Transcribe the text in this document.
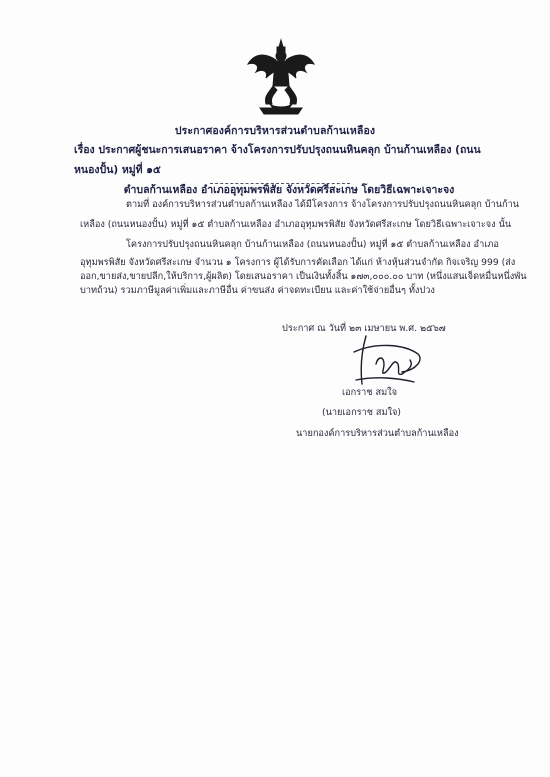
ประกาศองค์การบริหารส่วนตำบลก้านเหลือง
เรื่อง ประกาศผู้ชนะการเสนอราคา จ้างโครงการปรับปรุงถนนหินคลุก บ้านก้านเหลือง (ถนนหนองปั้น) หมู่ที่ ๑๕
ตำบลก้านเหลือง อำเภออุทุมพรพิสัย จังหวัดศรีสะเกษ โดยวิธีเฉพาะเจาะจง
ตามที่ องค์การบริหารส่วนตำบลก้านเหลือง ได้มีโครงการ จ้างโครงการปรับปรุงถนนหินคลุก บ้านก้าน
เหลือง (ถนนหนองปั้น) หมู่ที่ ๑๕ ตำบลก้านเหลือง อำเภออุทุมพรพิสัย จังหวัดศรีสะเกษ โดยวิธีเฉพาะเจาะจง นั้น
โครงการปรับปรุงถนนหินคลุก บ้านก้านเหลือง (ถนนหนองปั้น) หมู่ที่ ๑๕ ตำบลก้านเหลือง อำเภอ
อุทุมพรพิสัย จังหวัดศรีสะเกษ จำนวน ๑ โครงการ ผู้ได้รับการคัดเลือก ได้แก่ ห้างหุ้นส่วนจำกัด กิจเจริญ 999 (ส่ง
ออก,ขายส่ง,ขายปลีก,ให้บริการ,ผู้ผลิต) โดยเสนอราคา เป็นเงินทั้งสิ้น ๑๗๓,๐๐๐.๐๐ บาท (หนึ่งแสนเจ็ดหมื่นหนึ่งพัน
บาทถ้วน) รวมภาษีมูลค่าเพิ่มและภาษีอื่น ค่าขนส่ง ค่าจดทะเบียน และค่าใช้จ่ายอื่นๆ ทั้งปวง
ประกาศ ณ วันที่ ๒๓ เมษายน พ.ศ. ๒๕๖๗
เอกราช สมใจ
(นายเอกราช สมใจ)
นายกองค์การบริหารส่วนตำบลก้านเหลือง
